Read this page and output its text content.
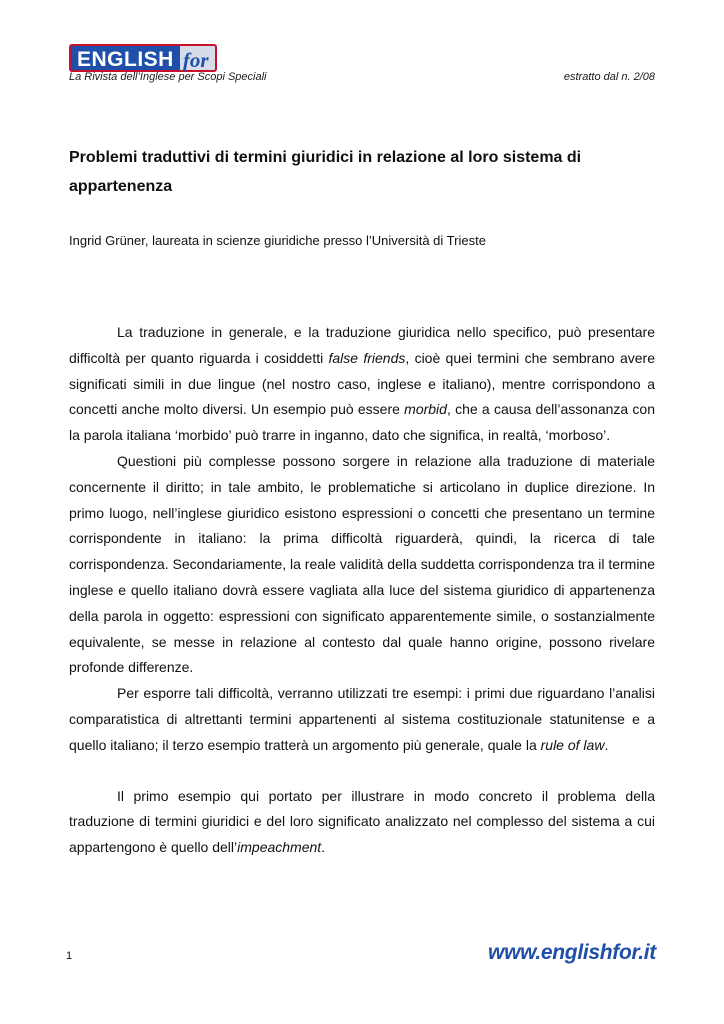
ENGLISH for
La Rivista dell’Inglese per Scopi Speciali	estratto dal n. 2/08
Problemi traduttivi di termini giuridici in relazione al loro sistema di appartenenza

Ingrid Grüner, laureata in scienze giuridiche presso l’Università di Trieste

La traduzione in generale, e la traduzione giuridica nello specifico, può presentare difficoltà per quanto riguarda i cosiddetti false friends, cioè quei termini che sembrano avere significati simili in due lingue (nel nostro caso, inglese e italiano), mentre corrispondono a concetti anche molto diversi. Un esempio può essere morbid, che a causa dell’assonanza con la parola italiana ‘morbido’ può trarre in inganno, dato che significa, in realtà, ‘morboso’.

Questioni più complesse possono sorgere in relazione alla traduzione di materiale concernente il diritto; in tale ambito, le problematiche si articolano in duplice direzione. In primo luogo, nell’inglese giuridico esistono espressioni o concetti che presentano un termine corrispondente in italiano: la prima difficoltà riguarderà, quindi, la ricerca di tale corrispondenza. Secondariamente, la reale validità della suddetta corrispondenza tra il termine inglese e quello italiano dovrà essere vagliata alla luce del sistema giuridico di appartenenza della parola in oggetto: espressioni con significato apparentemente simile, o sostanzialmente equivalente, se messe in relazione al contesto dal quale hanno origine, possono rivelare profonde differenze.

Per esporre tali difficoltà, verranno utilizzati tre esempi: i primi due riguardano l’analisi comparatistica di altrettanti termini appartenenti al sistema costituzionale statunitense e a quello italiano; il terzo esempio tratterà un argomento più generale, quale la rule of law.

Il primo esempio qui portato per illustrare in modo concreto il problema della traduzione di termini giuridici e del loro significato analizzato nel complesso del sistema a cui appartengono è quello dell’impeachment.

1	www.englishfor.it
